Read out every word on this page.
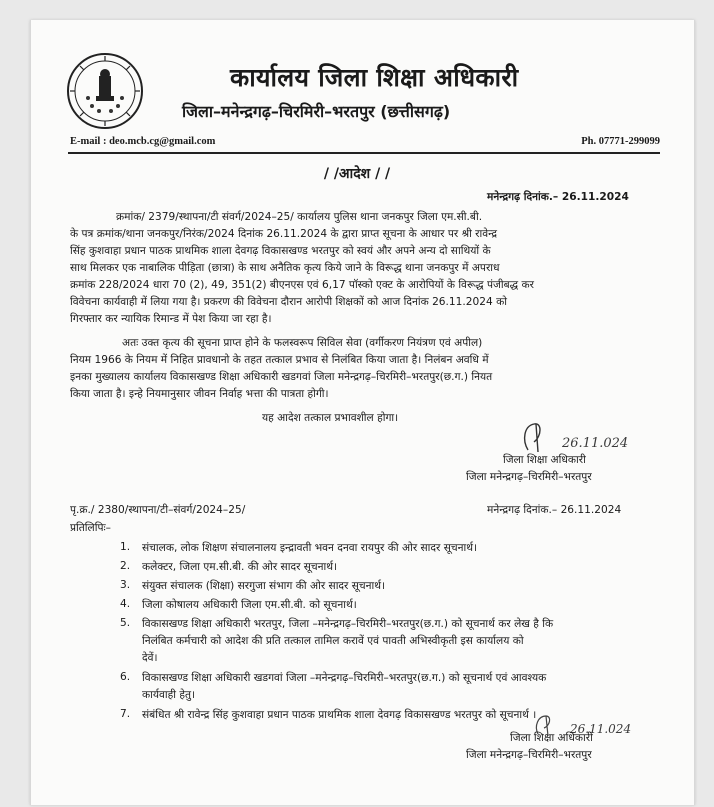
कार्यालय जिला शिक्षा अधिकारी
जिला–मनेन्द्रगढ़–चिरमिरी–भरतपुर (छत्तीसगढ़)
E-mail : deo.mcb.cg@gmail.com	Ph. 07771-299099
/ /आदेश / /
मनेन्द्रगढ़ दिनांक.– 26.11.2024
क्रमांक/ 2379/स्थापना/टी संवर्ग/2024–25/ कार्यालय पुलिस थाना जनकपुर जिला एम.सी.बी.
के पत्र क्रमांक/थाना जनकपुर/निरंक/2024 दिनांक 26.11.2024 के द्वारा प्राप्त सूचना के आधार पर श्री रावेन्द्र
सिंह कुशवाहा प्रधान पाठक प्राथमिक शाला देवगढ़ विकासखण्ड भरतपुर को स्वयं और अपने अन्य दो साथियों के
साथ मिलकर एक नाबालिक पीड़िता (छात्रा) के साथ अनैतिक कृत्य किये जाने के विरूद्ध थाना जनकपुर में अपराध
क्रमांक 228/2024 धारा 70 (2), 49, 351(2) बीएनएस एवं 6,17 पॉस्को एक्ट के आरोपियों के विरूद्ध पंजीबद्ध कर
विवेचना कार्यवाही में लिया गया है। प्रकरण की विवेचना दौरान आरोपी शिक्षकों को आज दिनांक 26.11.2024 को
गिरफ्तार कर न्यायिक रिमान्ड में पेश किया जा रहा है।
अतः उक्त कृत्य की सूचना प्राप्त होने के फलस्वरूप सिविल सेवा (वर्गीकरण नियंत्रण एवं अपील)
नियम 1966 के नियम में निहित प्रावधानो के तहत तत्काल प्रभाव से निलंबित किया जाता है। निलंबन अवधि में
इनका मुख्यालय कार्यालय विकासखण्ड शिक्षा अधिकारी खडगवां जिला मनेन्द्रगढ़–चिरमिरी–भरतपुर(छ.ग.) नियत
किया जाता है। इन्हे नियमानुसार जीवन निर्वाह भत्ता की पात्रता होगी।
यह आदेश तत्काल प्रभावशील होगा।
26.11.024
जिला शिक्षा अधिकारी
जिला मनेन्द्रगढ़–चिरमिरी–भरतपुर
पृ.क्र./ 2380/स्थापना/टी–संवर्ग/2024–25/	मनेन्द्रगढ़ दिनांक.– 26.11.2024
प्रतिलिपिः–
1. संचालक, लोक शिक्षण संचालनालय इन्द्रावती भवन दनवा रायपुर की ओर सादर सूचनार्थ।
2. कलेक्टर, जिला एम.सी.बी. की ओर सादर सूचनार्थ।
3. संयुक्त संचालक (शिक्षा) सरगुजा संभाग की ओर सादर सूचनार्थ।
4. जिला कोषालय अधिकारी जिला एम.सी.बी. को सूचनार्थ।
5. विकासखण्ड शिक्षा अधिकारी भरतपुर, जिला –मनेन्द्रगढ़–चिरमिरी–भरतपुर(छ.ग.) को सूचनार्थ कर लेख है कि
निलंबित कर्मचारी को आदेश की प्रति तत्काल तामिल करावें एवं पावती अभिस्वीकृती इस कार्यालय को
देवें।
6. विकासखण्ड शिक्षा अधिकारी खडगवां जिला –मनेन्द्रगढ़–चिरमिरी–भरतपुर(छ.ग.) को सूचनार्थ एवं आवश्यक
कार्यवाही हेतु।
7. संबंधित श्री रावेन्द्र सिंह कुशवाहा प्रधान पाठक प्राथमिक शाला देवगढ़ विकासखण्ड भरतपुर को सूचनार्थ ।
26.11.024
जिला शिक्षा अधिकारी
जिला मनेन्द्रगढ़–चिरमिरी–भरतपुर
